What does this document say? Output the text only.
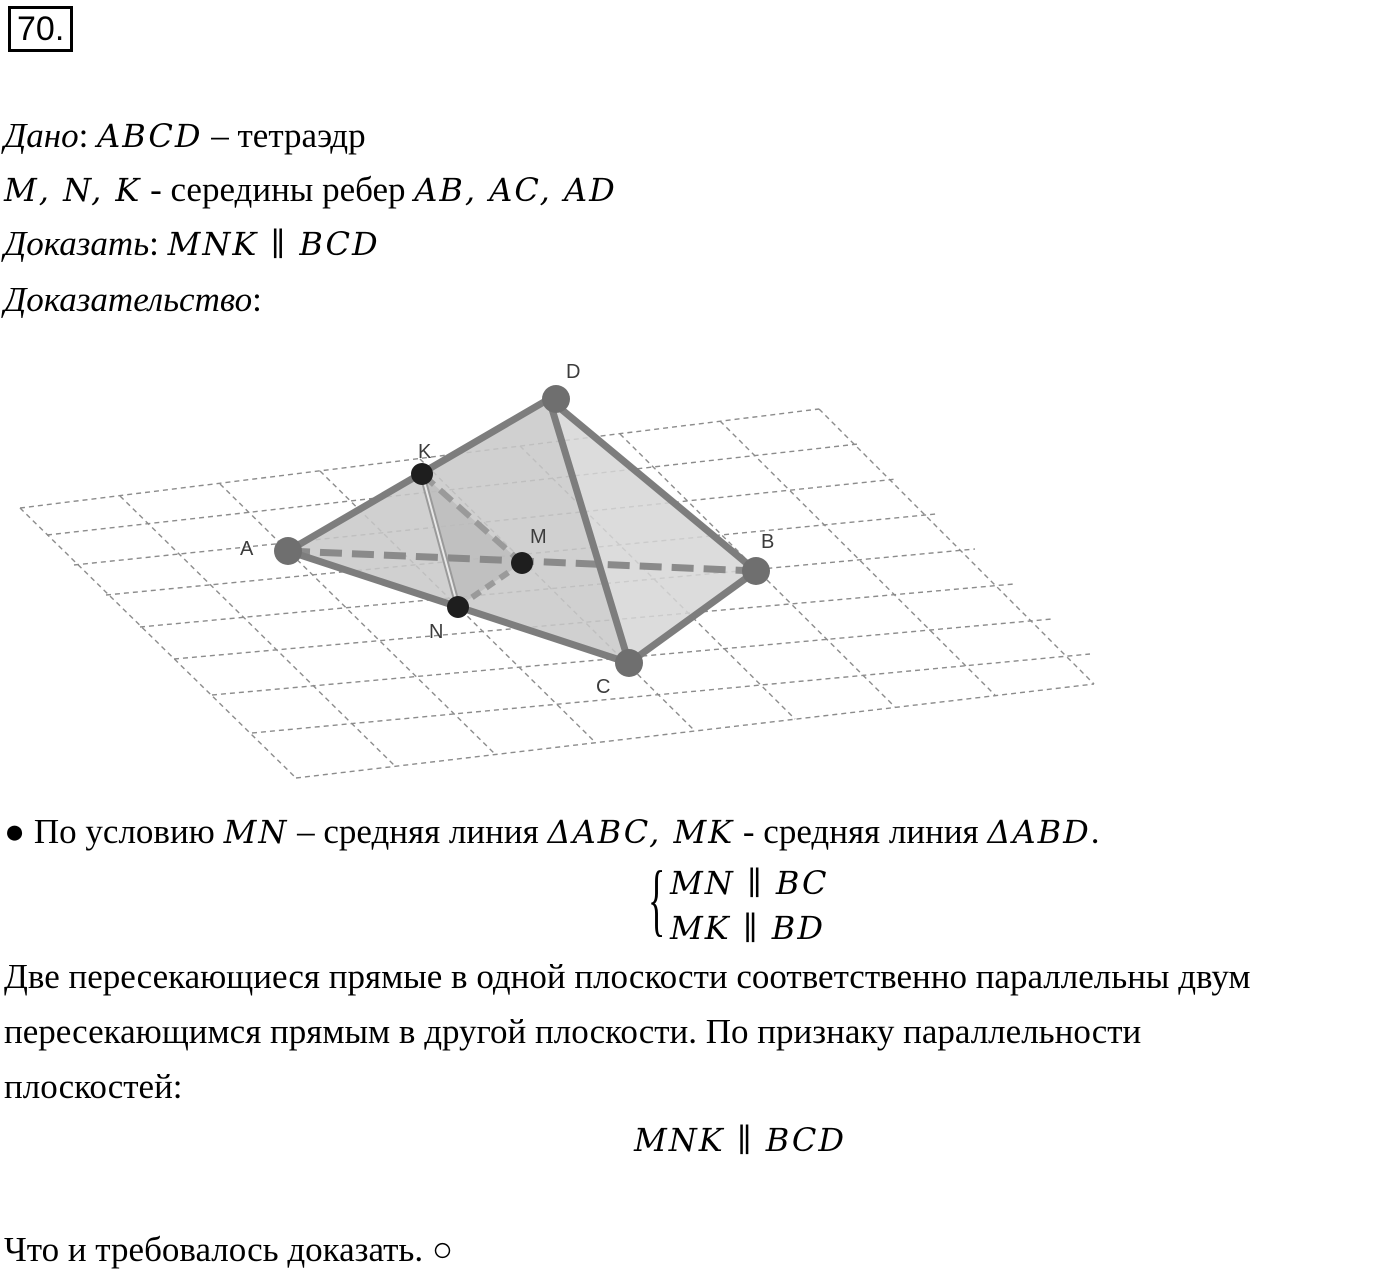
70.
Дано: ABCD – тетраэдр
M, N, K - середины ребер AB, AC, AD
Доказать: MNK ∥ BCD
Доказательство:
A
D
B
C
K
M
N
● По условию MN – средняя линия ΔABC, MK - средняя линия ΔABD.
{ MN ∥ BC
MK ∥ BD
Две пересекающиеся прямые в одной плоскости соответственно параллельны двум
пересекающимся прямым в другой плоскости. По признаку параллельности
плоскостей:
MNK ∥ BCD
Что и требовалось доказать. ○
